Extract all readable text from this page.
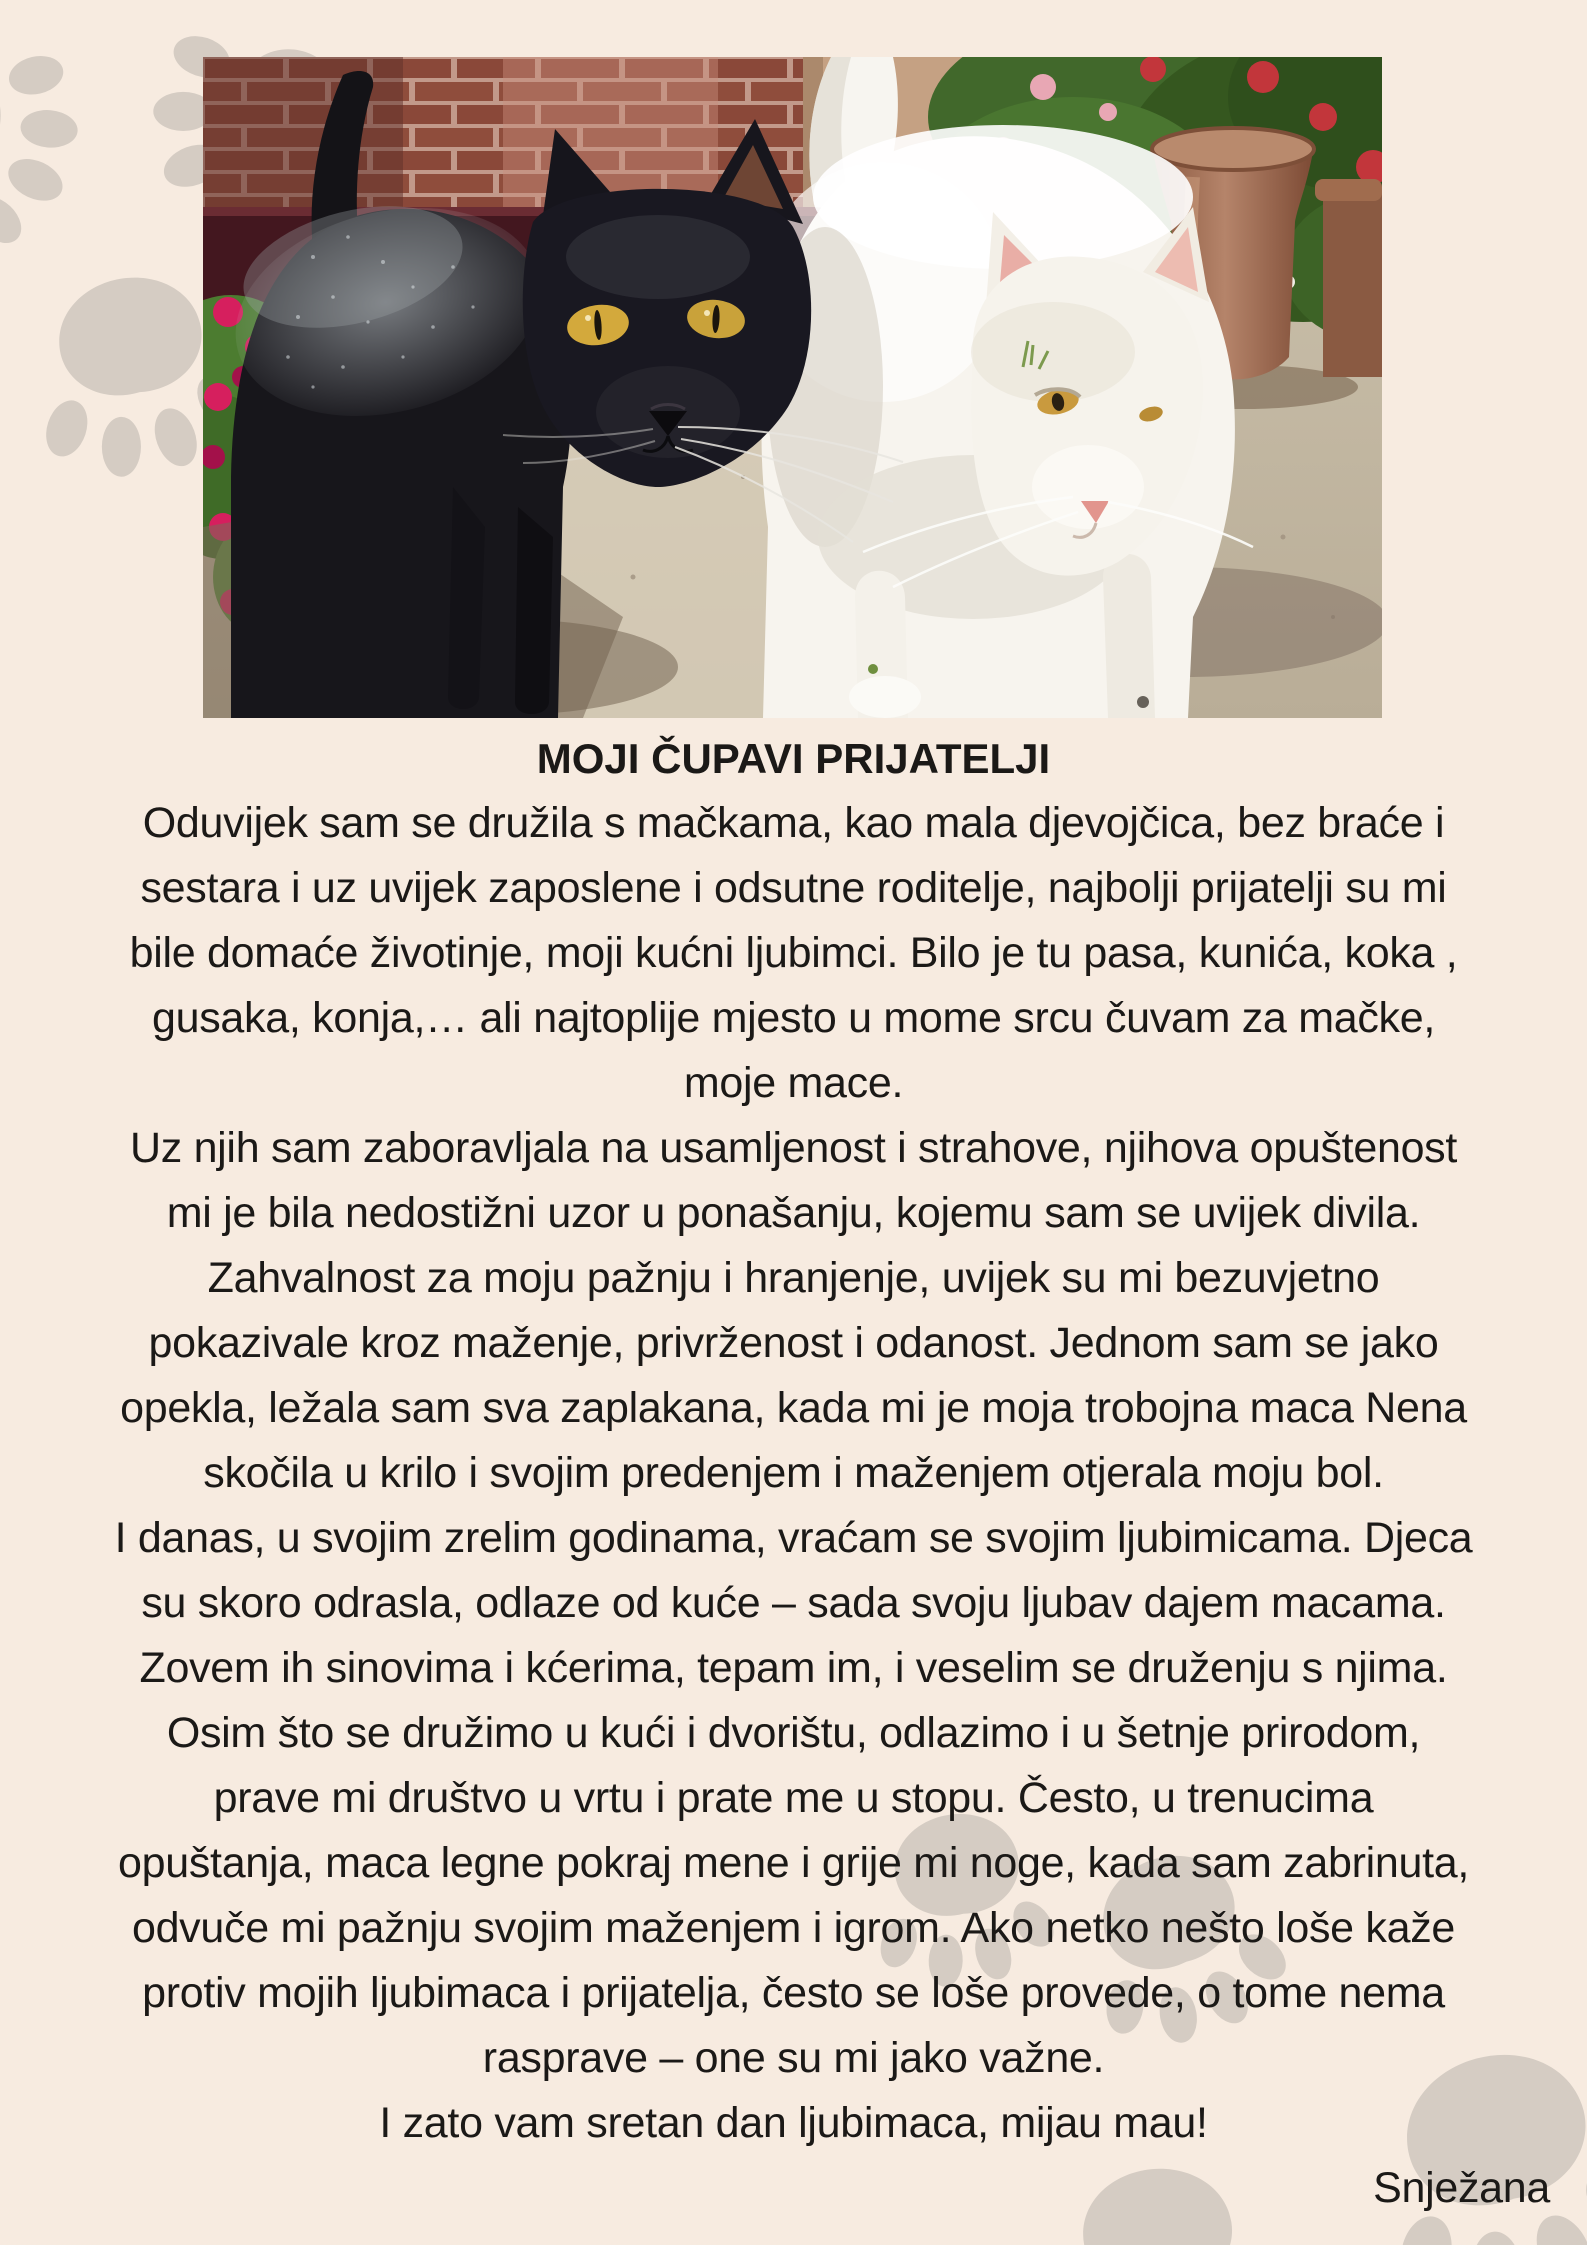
MOJI ČUPAVI PRIJATELJI
Oduvijek sam se družila s mačkama, kao mala djevojčica, bez braće i
sestara i uz uvijek zaposlene i odsutne roditelje, najbolji prijatelji su mi
bile domaće životinje, moji kućni ljubimci. Bilo je tu pasa, kunića, koka ,
gusaka, konja,… ali najtoplije mjesto u mome srcu čuvam za mačke,
moje mace.
Uz njih sam zaboravljala na usamljenost i strahove, njihova opuštenost
mi je bila nedostižni uzor u ponašanju, kojemu sam se uvijek divila.
Zahvalnost za moju pažnju i hranjenje, uvijek su mi bezuvjetno
pokazivale kroz maženje, privrženost i odanost. Jednom sam se jako
opekla, ležala sam sva zaplakana, kada mi je moja trobojna maca Nena
skočila u krilo i svojim predenjem i maženjem otjerala moju bol.
I danas, u svojim zrelim godinama, vraćam se svojim ljubimicama. Djeca
su skoro odrasla, odlaze od kuće – sada svoju ljubav dajem macama.
Zovem ih sinovima i kćerima, tepam im, i veselim se druženju s njima.
Osim što se družimo u kući i dvorištu, odlazimo i u šetnje prirodom,
prave mi društvo u vrtu i prate me u stopu. Često, u trenucima
opuštanja, maca legne pokraj mene i grije mi noge, kada sam zabrinuta,
odvuče mi pažnju svojim maženjem i igrom. Ako netko nešto loše kaže
protiv mojih ljubimaca i prijatelja, često se loše provede, o tome nema
rasprave – one su mi jako važne.
I zato vam sretan dan ljubimaca, mijau mau!
Snježana
